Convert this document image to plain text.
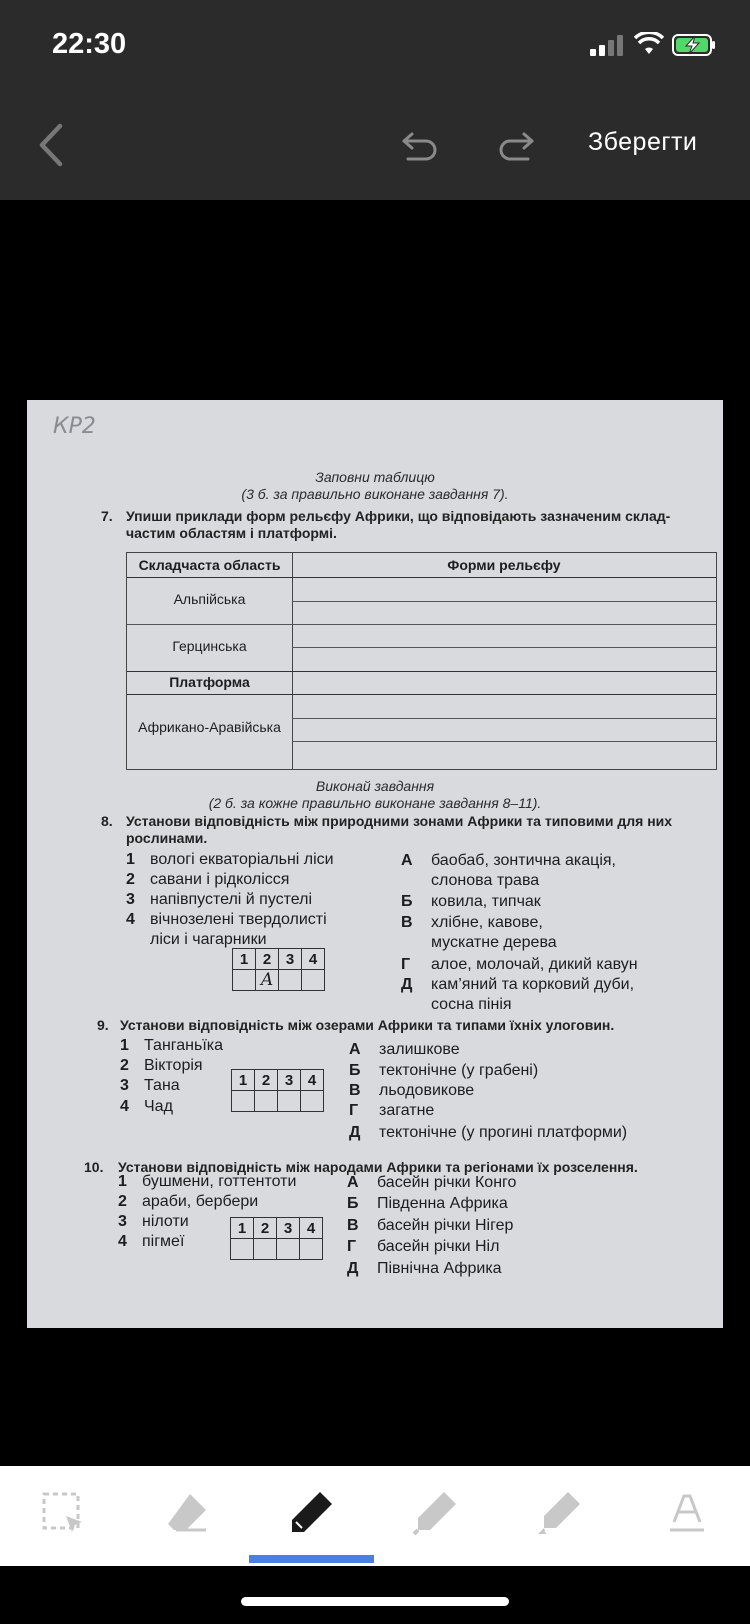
22:30
Зберегти
КР2
Заповни таблицю
(3 б. за правильно виконане завдання 7).
7. Упиши приклади форм рельєфу Африки, що відповідають зазначеним склад-
частим областям і платформі.
Складчаста область	Форми рельєфу
Альпійська
Герцинська
Платформа
Африкано-Аравійська
Виконай завдання
(2 б. за кожне правильно виконане завдання 8–11).
8. Установи відповідність між природними зонами Африки та типовими для них
рослинами.
1 вологі екваторіальні ліси
2 савани і рідколісся
3 напівпустелі й пустелі
4 вічнозелені твердолисті
ліси і чагарники
А баобаб, зонтична акація,
слонова трава
Б ковила, типчак
В хлібне, кавове,
мускатне дерева
Г алое, молочай, дикий кавун
Д кам’яний та корковий дуби,
сосна пінія
1	2	3	4
	А		
9. Установи відповідність між озерами Африки та типами їхніх улоговин.
1 Танганьїка
2 Вікторія
3 Тана
4 Чад
А залишкове
Б тектонічне (у грабені)
В льодовикове
Г загатне
Д тектонічне (у прогині платформи)
1	2	3	4

10. Установи відповідність між народами Африки та регіонами їх розселення.
1 бушмени, готтентоти
2 араби, бербери
3 нілоти
4 пігмеї
А басейн річки Конго
Б Південна Африка
В басейн річки Нігер
Г басейн річки Ніл
Д Північна Африка
1	2	3	4
